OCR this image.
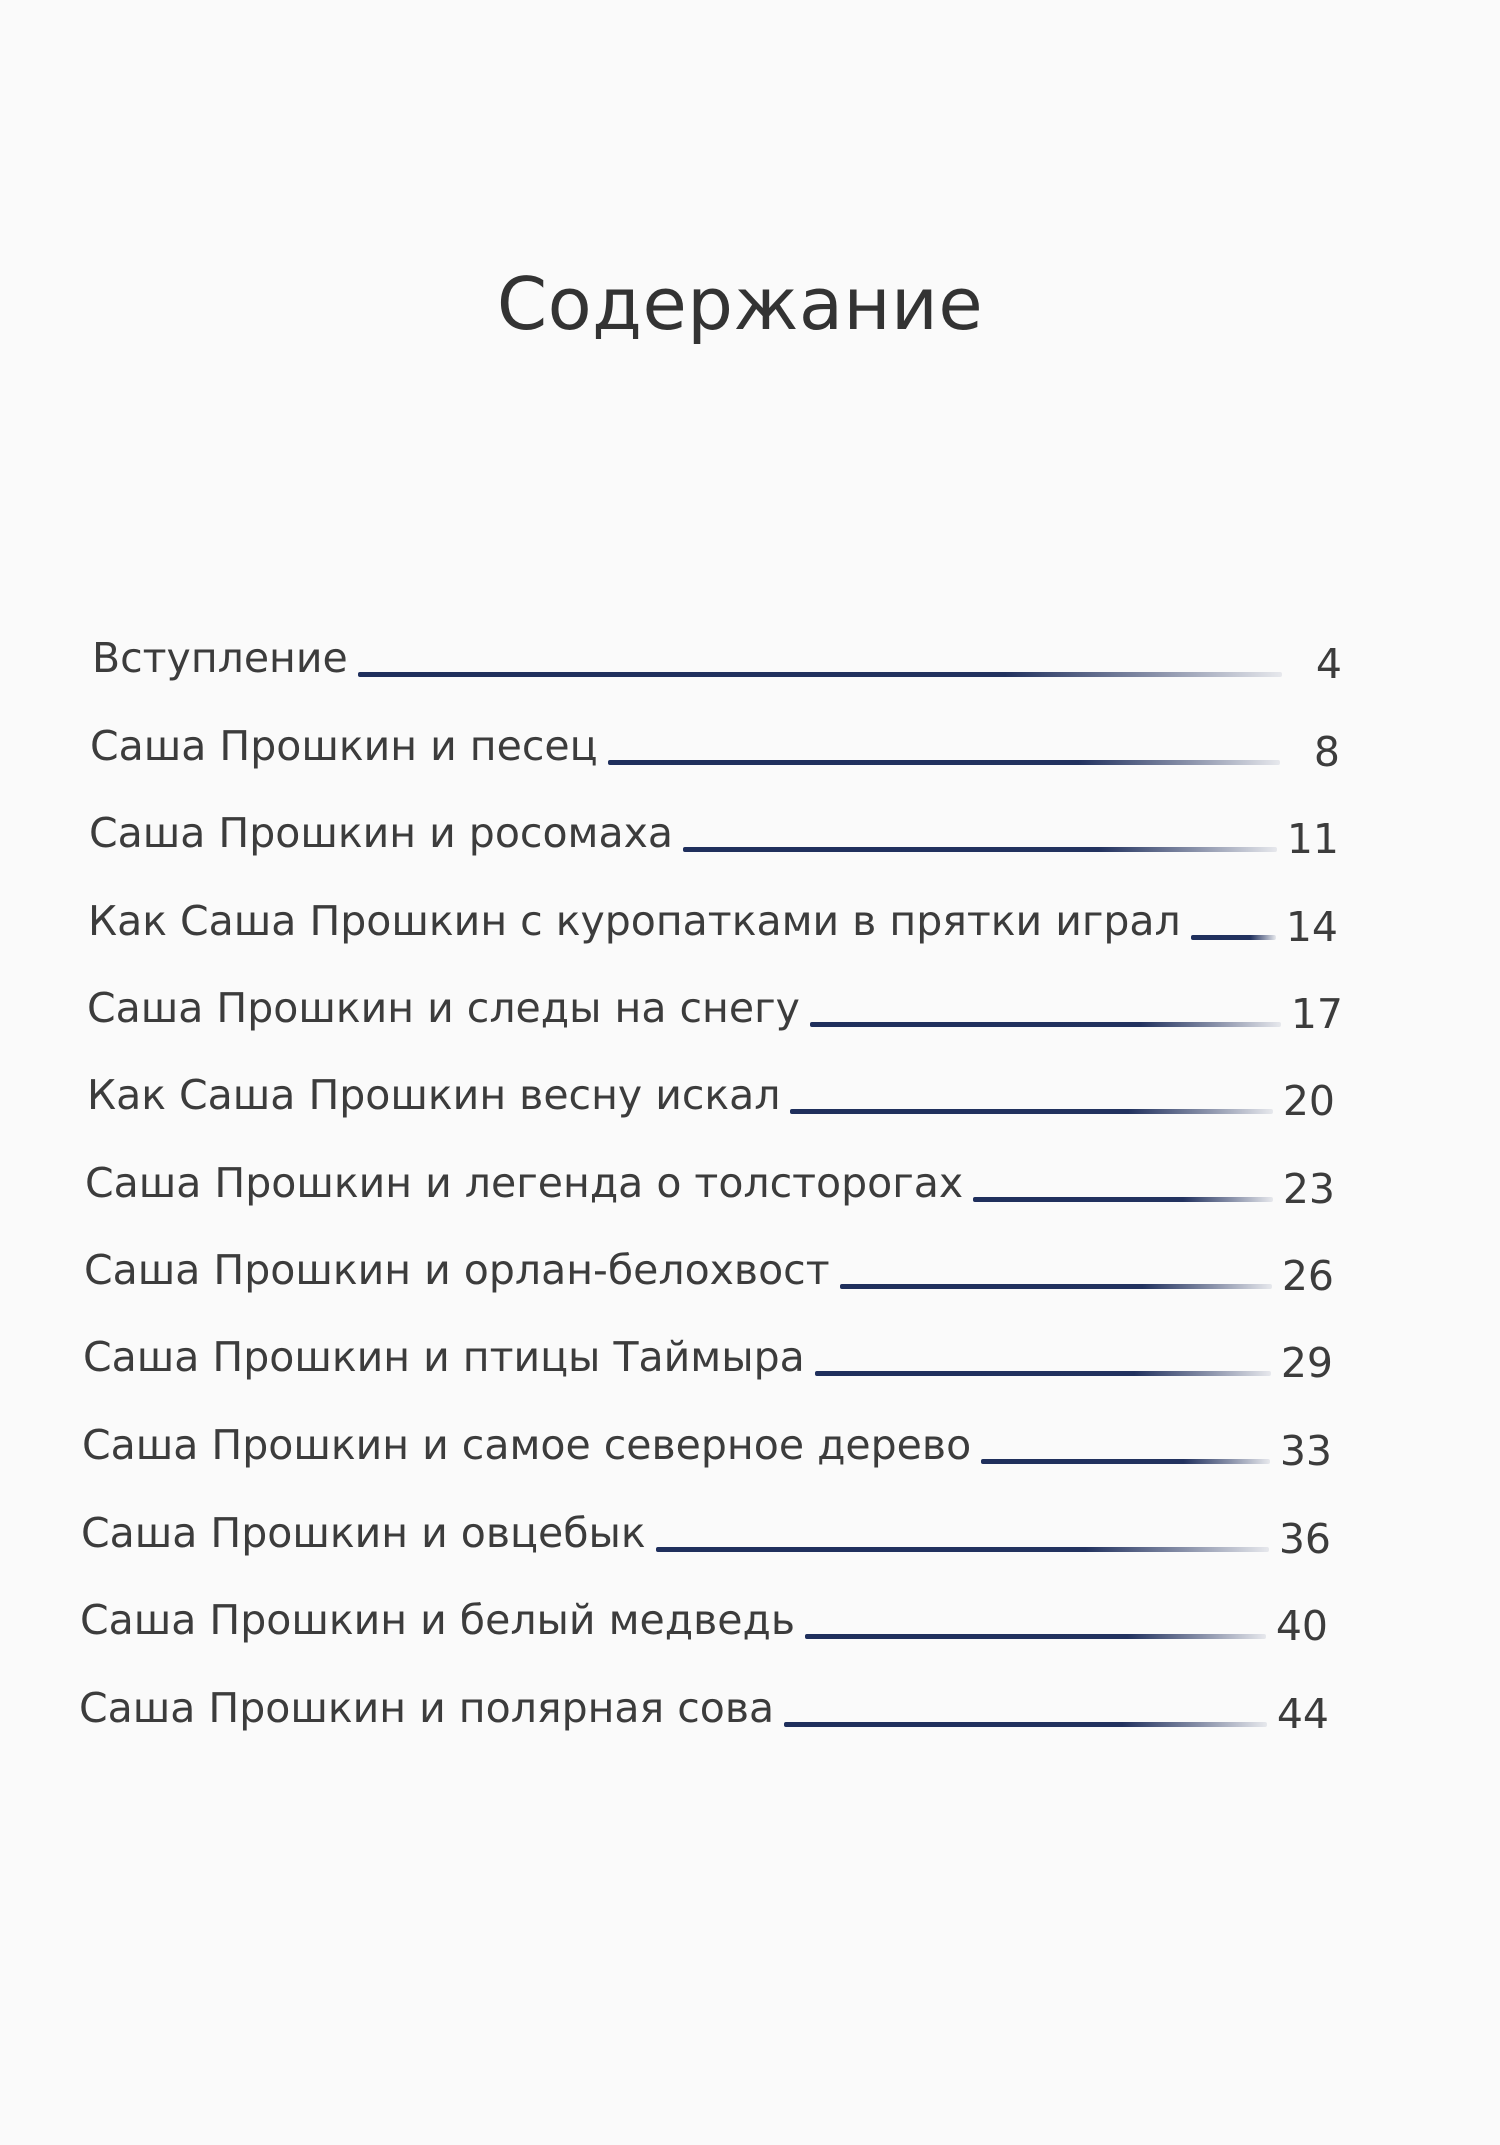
Содержание
Вступление	4
Саша Прошкин и песец	8
Саша Прошкин и росомаха	11
Как Саша Прошкин с куропатками в прятки играл	14
Саша Прошкин и следы на снегу	17
Как Саша Прошкин весну искал	20
Саша Прошкин и легенда о толсторогах	23
Саша Прошкин и орлан-белохвост	26
Саша Прошкин и птицы Таймыра	29
Саша Прошкин и самое северное дерево	33
Саша Прошкин и овцебык	36
Саша Прошкин и белый медведь	40
Саша Прошкин и полярная сова	44
